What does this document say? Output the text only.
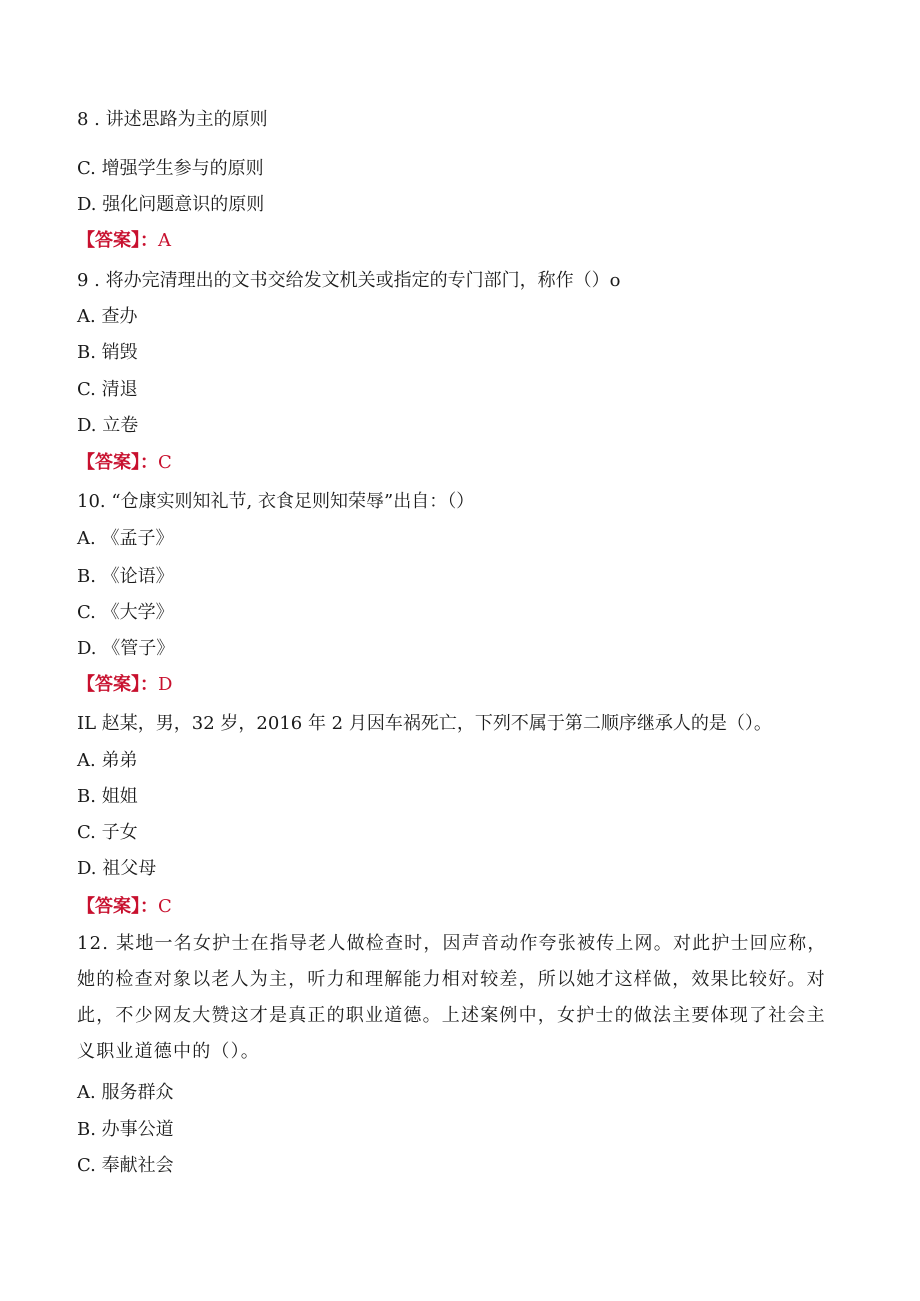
8 . 讲述思路为主的原则
C. 增强学生参与的原则
D. 强化问题意识的原则
【答案】：A
9 . 将办完清理出的文书交给发文机关或指定的专门部门，称作（）o
A. 查办
B. 销毁
C. 清退
D. 立卷
【答案】：C
10. “仓康实则知礼节, 衣食足则知荣辱”出自：（）
A. 《孟子》
B. 《论语》
C. 《大学》
D. 《管子》
【答案】：D
IL 赵某，男，32 岁，2016 年 2 月因车祸死亡，下列不属于第二顺序继承人的是（）。
A. 弟弟
B. 姐姐
C. 子女
D. 祖父母
【答案】：C
12. 某地一名女护士在指导老人做检查时，因声音动作夸张被传上网。对此护士回应称，她的检查对象以老人为主，听力和理解能力相对较差，所以她才这样做，效果比较好。对此，不少网友大赞这才是真正的职业道德。上述案例中，女护士的做法主要体现了社会主义职业道德中的（）。
A. 服务群众
B. 办事公道
C. 奉献社会
